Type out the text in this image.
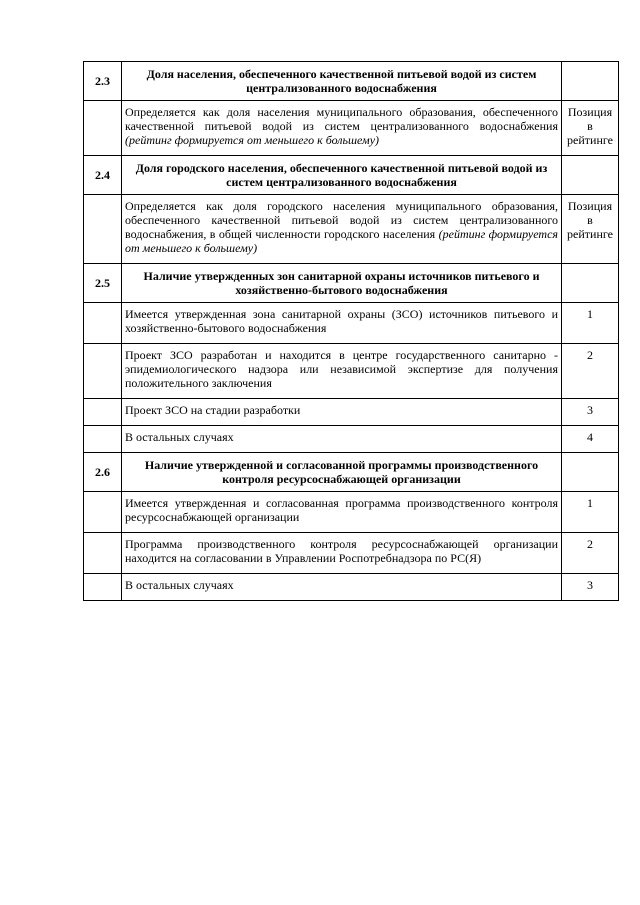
2.3	Доля населения, обеспеченного качественной питьевой водой из систем централизованного водоснабжения	
	Определяется как доля населения муниципального образования, обеспеченного качественной питьевой водой из систем централизованного водоснабжения (рейтинг формируется от меньшего к большему)	Позиция в рейтинге
2.4	Доля городского населения, обеспеченного качественной питьевой водой из систем централизованного водоснабжения	
	Определяется как доля городского населения муниципального образования, обеспеченного качественной питьевой водой из систем централизованного водоснабжения, в общей численности городского населения (рейтинг формируется от меньшего к большему)	Позиция в рейтинге
2.5	Наличие утвержденных зон санитарной охраны источников питьевого и хозяйственно-бытового водоснабжения	
	Имеется утвержденная зона санитарной охраны (ЗСО) источников питьевого и хозяйственно-бытового водоснабжения	1
	Проект ЗСО разработан и находится в центре государственного санитарно - эпидемиологического надзора или независимой экспертизе для получения положительного заключения	2
	Проект ЗСО на стадии разработки	3
	В остальных случаях	4
2.6	Наличие утвержденной и согласованной программы производственного контроля ресурсоснабжающей организации	
	Имеется утвержденная и согласованная программа производственного контроля ресурсоснабжающей организации	1
	Программа производственного контроля ресурсоснабжающей организации находится на согласовании в Управлении Роспотребнадзора по РС(Я)	2
	В остальных случаях	3
